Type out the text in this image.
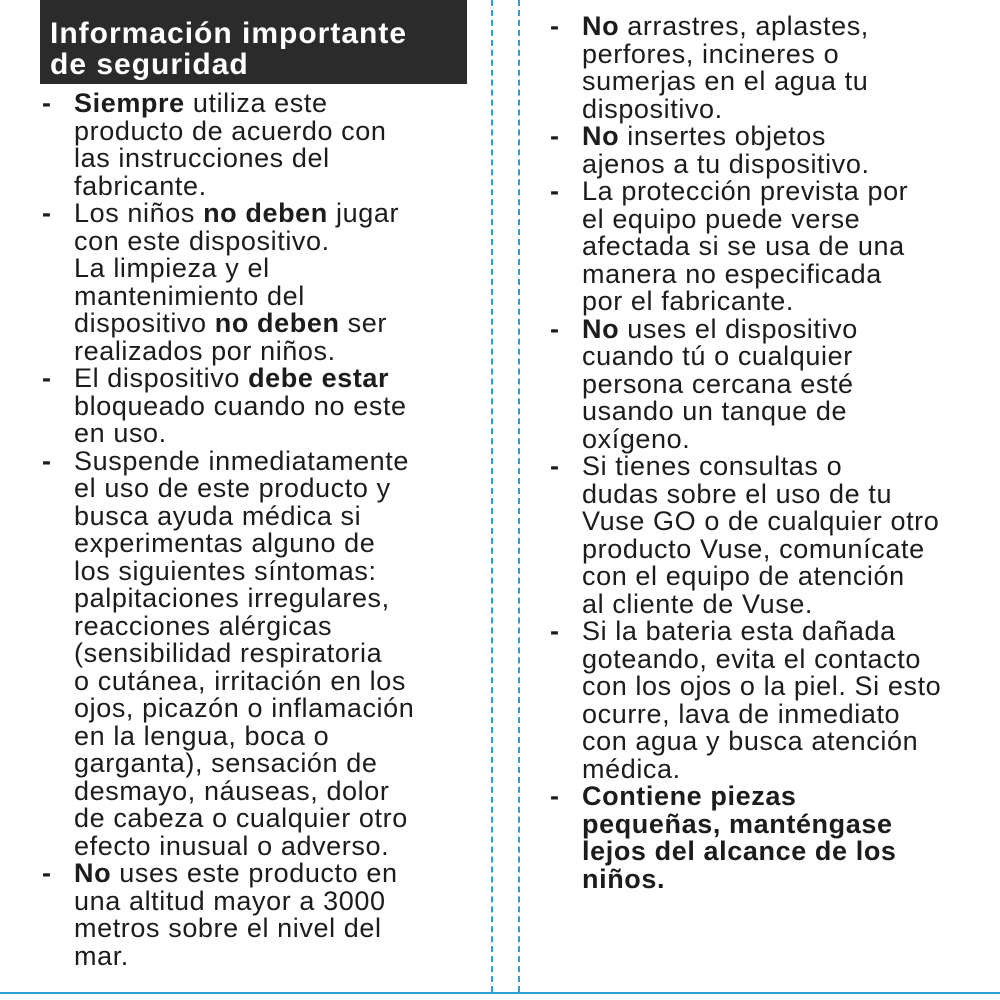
Información importante
de seguridad
- Siempre utiliza este
producto de acuerdo con
las instrucciones del
fabricante.
- Los niños no deben jugar
con este dispositivo.
La limpieza y el
mantenimiento del
dispositivo no deben ser
realizados por niños.
- El dispositivo debe estar
bloqueado cuando no este
en uso.
- Suspende inmediatamente
el uso de este producto y
busca ayuda médica si
experimentas alguno de
los siguientes síntomas:
palpitaciones irregulares,
reacciones alérgicas
(sensibilidad respiratoria
o cutánea, irritación en los
ojos, picazón o inflamación
en la lengua, boca o
garganta), sensación de
desmayo, náuseas, dolor
de cabeza o cualquier otro
efecto inusual o adverso.
- No uses este producto en
una altitud mayor a 3000
metros sobre el nivel del
mar.
- No arrastres, aplastes,
perfores, incineres o
sumerjas en el agua tu
dispositivo.
- No insertes objetos
ajenos a tu dispositivo.
- La protección prevista por
el equipo puede verse
afectada si se usa de una
manera no especificada
por el fabricante.
- No uses el dispositivo
cuando tú o cualquier
persona cercana esté
usando un tanque de
oxígeno.
- Si tienes consultas o
dudas sobre el uso de tu
Vuse GO o de cualquier otro
producto Vuse, comunícate
con el equipo de atención
al cliente de Vuse.
- Si la bateria esta dañada
goteando, evita el contacto
con los ojos o la piel. Si esto
ocurre, lava de inmediato
con agua y busca atención
médica.
- Contiene piezas
pequeñas, manténgase
lejos del alcance de los
niños.
